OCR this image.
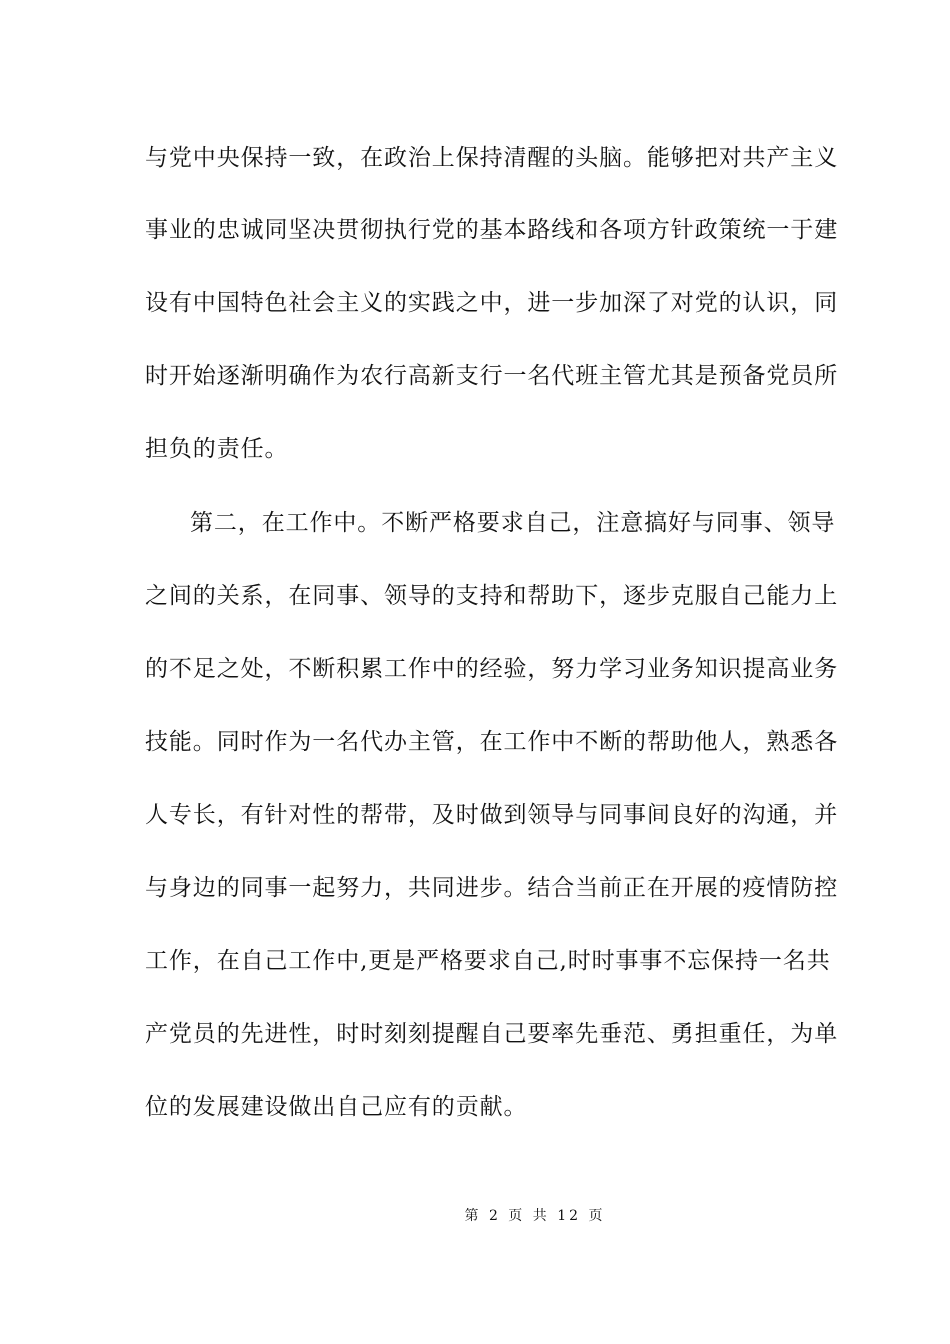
与党中央保持一致，在政治上保持清醒的头脑。能够把对共产主义
事业的忠诚同坚决贯彻执行党的基本路线和各项方针政策统一于建
设有中国特色社会主义的实践之中，进一步加深了对党的认识，同
时开始逐渐明确作为农行高新支行一名代班主管尤其是预备党员所
担负的责任。
第二，在工作中。不断严格要求自己，注意搞好与同事、领导
之间的关系，在同事、领导的支持和帮助下，逐步克服自己能力上
的不足之处，不断积累工作中的经验，努力学习业务知识提高业务
技能。同时作为一名代办主管，在工作中不断的帮助他人，熟悉各
人专长，有针对性的帮带，及时做到领导与同事间良好的沟通，并
与身边的同事一起努力，共同进步。结合当前正在开展的疫情防控
工作，在自己工作中,更是严格要求自己,时时事事不忘保持一名共
产党员的先进性，时时刻刻提醒自己要率先垂范、勇担重任，为单
位的发展建设做出自己应有的贡献。
第 2 页 共 12 页
